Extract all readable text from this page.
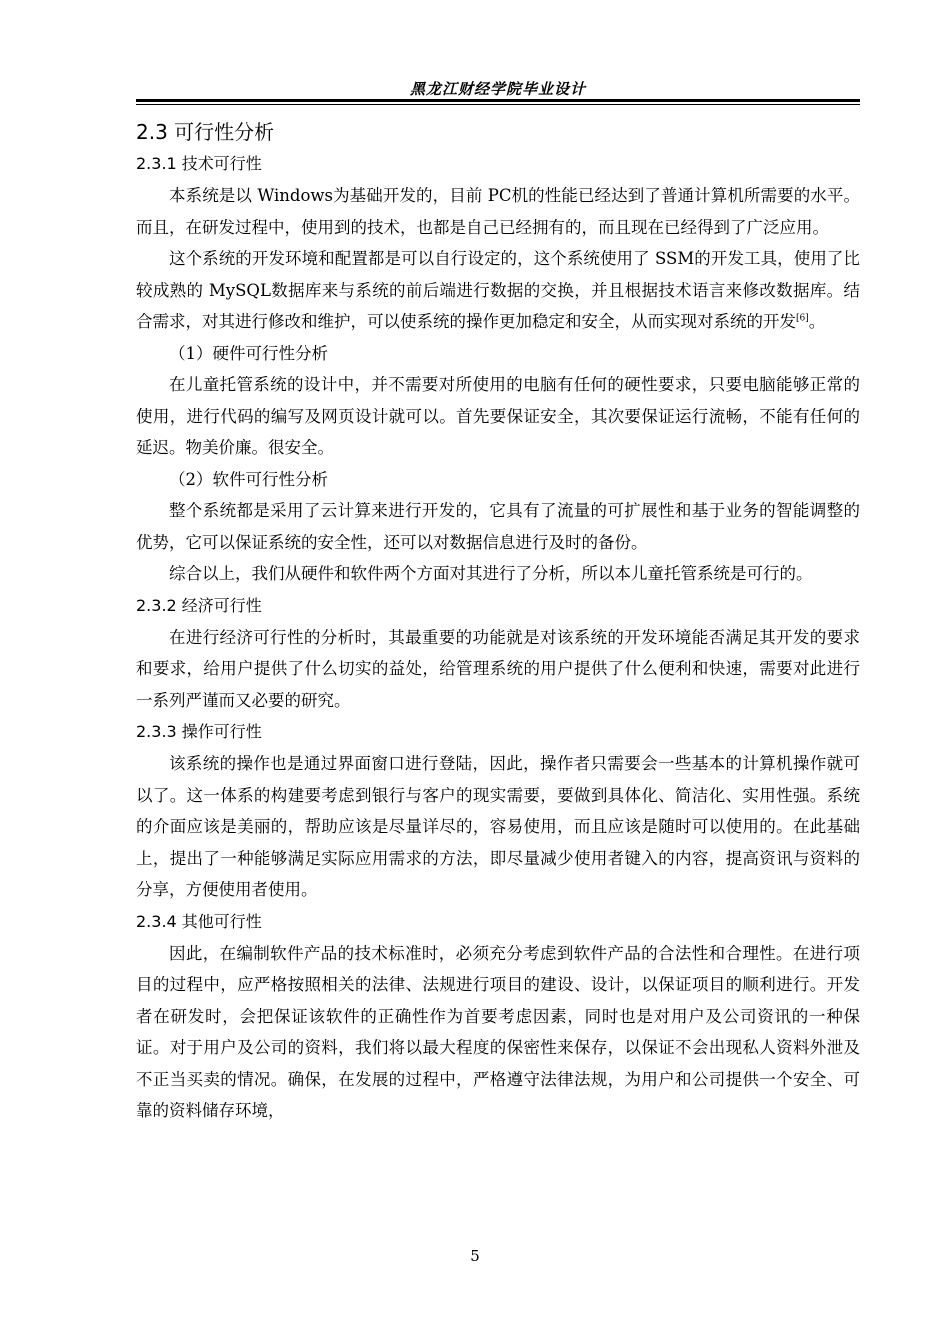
黑龙江财经学院毕业设计
2.3 可行性分析
2.3.1 技术可行性

本系统是以 Windows为基础开发的，目前 PC机的性能已经达到了普通计算机所需要的水平。而且，在研发过程中，使用到的技术，也都是自己已经拥有的，而且现在已经得到了广泛应用。

这个系统的开发环境和配置都是可以自行设定的，这个系统使用了 SSM的开发工具，使用了比较成熟的 MySQL数据库来与系统的前后端进行数据的交换，并且根据技术语言来修改数据库。结合需求，对其进行修改和维护，可以使系统的操作更加稳定和安全，从而实现对系统的开发[6]。

（1）硬件可行性分析

在儿童托管系统的设计中，并不需要对所使用的电脑有任何的硬性要求，只要电脑能够正常的使用，进行代码的编写及网页设计就可以。首先要保证安全，其次要保证运行流畅，不能有任何的延迟。物美价廉。很安全。

（2）软件可行性分析

整个系统都是采用了云计算来进行开发的，它具有了流量的可扩展性和基于业务的智能调整的优势，它可以保证系统的安全性，还可以对数据信息进行及时的备份。

综合以上，我们从硬件和软件两个方面对其进行了分析，所以本儿童托管系统是可行的。

2.3.2 经济可行性

在进行经济可行性的分析时，其最重要的功能就是对该系统的开发环境能否满足其开发的要求和要求，给用户提供了什么切实的益处，给管理系统的用户提供了什么便利和快速，需要对此进行一系列严谨而又必要的研究。

2.3.3 操作可行性

该系统的操作也是通过界面窗口进行登陆，因此，操作者只需要会一些基本的计算机操作就可以了。这一体系的构建要考虑到银行与客户的现实需要，要做到具体化、简洁化、实用性强。系统的介面应该是美丽的，帮助应该是尽量详尽的，容易使用，而且应该是随时可以使用的。在此基础上，提出了一种能够满足实际应用需求的方法，即尽量减少使用者键入的内容，提高资讯与资料的分享，方便使用者使用。

2.3.4 其他可行性

因此，在编制软件产品的技术标准时，必须充分考虑到软件产品的合法性和合理性。在进行项目的过程中，应严格按照相关的法律、法规进行项目的建设、设计，以保证项目的顺利进行。开发者在研发时，会把保证该软件的正确性作为首要考虑因素，同时也是对用户及公司资讯的一种保证。对于用户及公司的资料，我们将以最大程度的保密性来保存，以保证不会出现私人资料外泄及不正当买卖的情况。确保，在发展的过程中，严格遵守法律法规，为用户和公司提供一个安全、可靠的资料储存环境，

5
